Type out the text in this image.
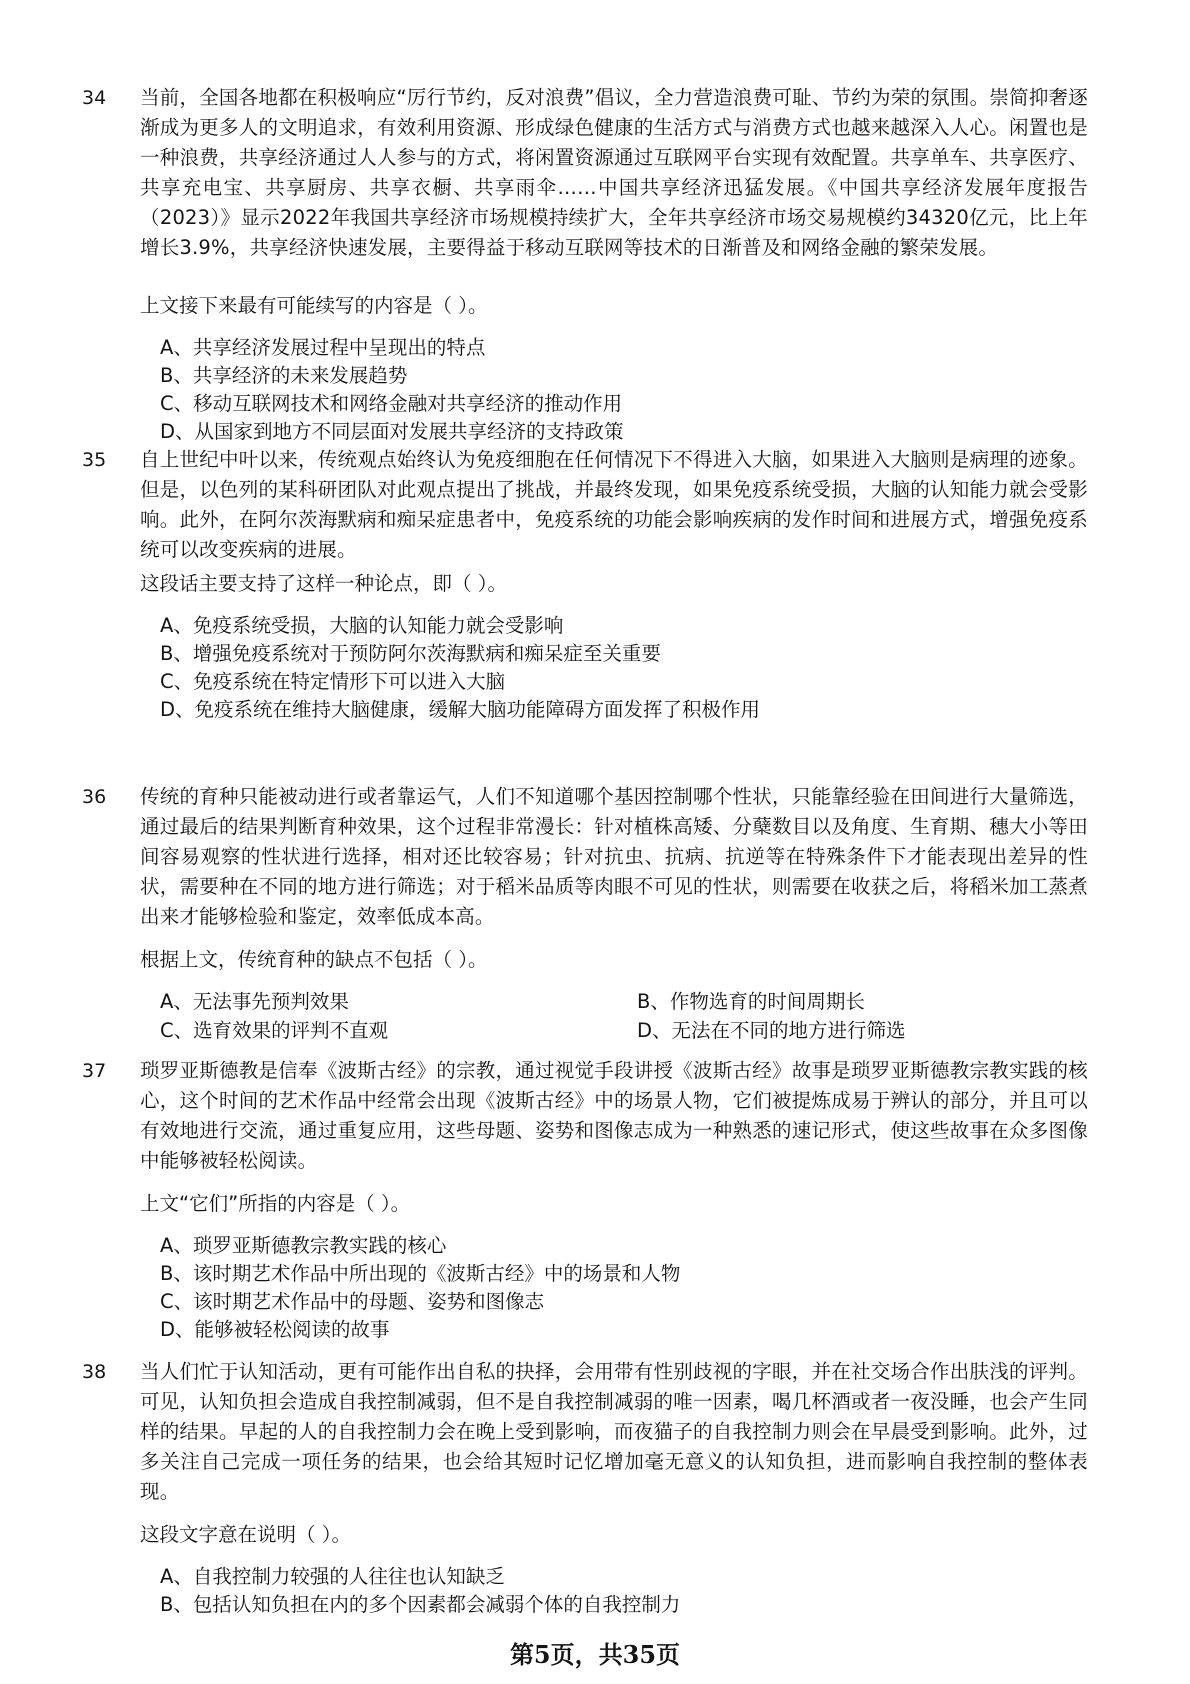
34 当前，全国各地都在积极响应“厉行节约，反对浪费”倡议，全力营造浪费可耻、节约为荣的氛围。崇简抑奢逐渐成为更多人的文明追求，有效利用资源、形成绿色健康的生活方式与消费方式也越来越深入人心。闲置也是一种浪费，共享经济通过人人参与的方式，将闲置资源通过互联网平台实现有效配置。共享单车、共享医疗、共享充电宝、共享厨房、共享衣橱、共享雨伞……中国共享经济迅猛发展。《中国共享经济发展年度报告（2023）》显示2022年我国共享经济市场规模持续扩大，全年共享经济市场交易规模约34320亿元，比上年增长3.9%，共享经济快速发展，主要得益于移动互联网等技术的日渐普及和网络金融的繁荣发展。

上文接下来最有可能续写的内容是（ ）。

A、共享经济发展过程中呈现出的特点
B、共享经济的未来发展趋势
C、移动互联网技术和网络金融对共享经济的推动作用
D、从国家到地方不同层面对发展共享经济的支持政策
35 自上世纪中叶以来，传统观点始终认为免疫细胞在任何情况下不得进入大脑，如果进入大脑则是病理的迹象。但是，以色列的某科研团队对此观点提出了挑战，并最终发现，如果免疫系统受损，大脑的认知能力就会受影响。此外，在阿尔茨海默病和痴呆症患者中，免疫系统的功能会影响疾病的发作时间和进展方式，增强免疫系统可以改变疾病的进展。

这段话主要支持了这样一种论点，即（ ）。

A、免疫系统受损，大脑的认知能力就会受影响
B、增强免疫系统对于预防阿尔茨海默病和痴呆症至关重要
C、免疫系统在特定情形下可以进入大脑
D、免疫系统在维持大脑健康，缓解大脑功能障碍方面发挥了积极作用
36 传统的育种只能被动进行或者靠运气，人们不知道哪个基因控制哪个性状，只能靠经验在田间进行大量筛选，通过最后的结果判断育种效果，这个过程非常漫长：针对植株高矮、分蘖数目以及角度、生育期、穗大小等田间容易观察的性状进行选择，相对还比较容易；针对抗虫、抗病、抗逆等在特殊条件下才能表现出差异的性状，需要种在不同的地方进行筛选；对于稻米品质等肉眼不可见的性状，则需要在收获之后，将稻米加工蒸煮出来才能够检验和鉴定，效率低成本高。

根据上文，传统育种的缺点不包括（ ）。

A、无法事先预判效果	B、作物选育的时间周期长
C、选育效果的评判不直观	D、无法在不同的地方进行筛选
37 琐罗亚斯德教是信奉《波斯古经》的宗教，通过视觉手段讲授《波斯古经》故事是琐罗亚斯德教宗教实践的核心，这个时间的艺术作品中经常会出现《波斯古经》中的场景人物，它们被提炼成易于辨认的部分，并且可以有效地进行交流，通过重复应用，这些母题、姿势和图像志成为一种熟悉的速记形式，使这些故事在众多图像中能够被轻松阅读。

上文“它们”所指的内容是（ ）。

A、琐罗亚斯德教宗教实践的核心
B、该时期艺术作品中所出现的《波斯古经》中的场景和人物
C、该时期艺术作品中的母题、姿势和图像志
D、能够被轻松阅读的故事
38 当人们忙于认知活动，更有可能作出自私的抉择，会用带有性别歧视的字眼，并在社交场合作出肤浅的评判。可见，认知负担会造成自我控制减弱，但不是自我控制减弱的唯一因素，喝几杯酒或者一夜没睡，也会产生同样的结果。早起的人的自我控制力会在晚上受到影响，而夜猫子的自我控制力则会在早晨受到影响。此外，过多关注自己完成一项任务的结果，也会给其短时记忆增加毫无意义的认知负担，进而影响自我控制的整体表现。

这段文字意在说明（ ）。

A、自我控制力较强的人往往也认知缺乏
B、包括认知负担在内的多个因素都会减弱个体的自我控制力
第5页，共35页
